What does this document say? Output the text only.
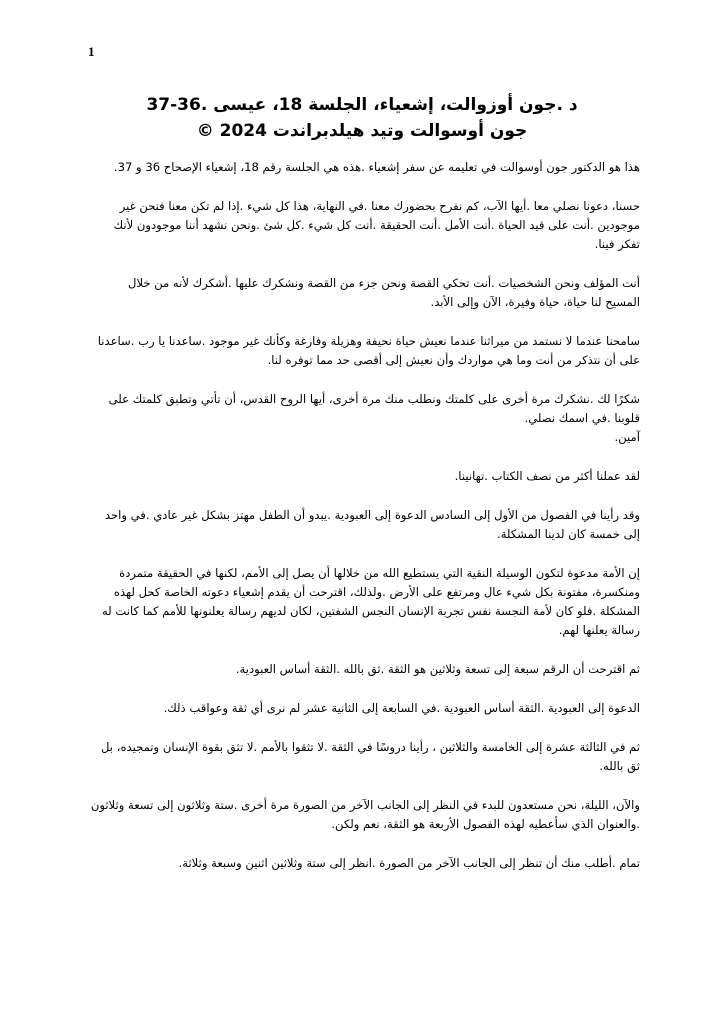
1
د .جون أوزوالت، إشعياء، الجلسة 18، عيسى .36-37
جون أوسوالت وتيد هيلدبراندت 2024 ©

هذا هو الدكتور جون أوسوالت في تعليمه عن سفر إشعياء .هذه هي الجلسة رقم 18، إشعياء الإصحاح 36 و 37.

حسنا، دعونا نصلي معا .أيها الآب، كم نفرح بحضورك معنا .في النهاية، هذا كل شيء .إذا لم تكن معنا فنحن غير موجودين .أنت على قيد الحياة .أنت الأمل .أنت الحقيقة .أنت كل شيء .كل شئ .ونحن نشهد أننا موجودون لأنك تفكر فينا.

أنت المؤلف ونحن الشخصيات .أنت تحكي القصة ونحن جزء من القصة ونشكرك عليها .أشكرك لأنه من خلال المسيح لنا حياة، حياة وفيرة، الآن وإلى الأبد.

سامحنا عندما لا نستمد من ميراثنا عندما نعيش حياة نحيفة وهزيلة وفارغة وكأنك غير موجود .ساعدنا يا رب .ساعدنا على أن نتذكر من أنت وما هي مواردك وأن نعيش إلى أقصى حد مما توفره لنا.

شكرًا لك .نشكرك مرة أخرى على كلمتك ونطلب منك مرة أخرى، أيها الروح القدس، أن تأتي وتطبق كلمتك على قلوبنا .في اسمك نصلي.
آمين.

لقد عملنا أكثر من نصف الكتاب .تهانينا.

وقد رأينا في الفصول من الأول إلى السادس الدعوة إلى العبودية .يبدو أن الطفل مهتز بشكل غير عادي .في واحد إلى خمسة كان لدينا المشكلة.

إن الأمة مدعوة لتكون الوسيلة النقية التي يستطيع الله من خلالها أن يصل إلى الأمم، لكنها في الحقيقة متمردة ومنكسرة، مفتونة بكل شيء عال ومرتفع على الأرض .ولذلك، اقترحت أن يقدم إشعياء دعوته الخاصة كحل لهذه المشكلة .فلو كان لأمة النجسة نفس تجربة الإنسان النجس الشفتين، لكان لديهم رسالة يعلنونها للأمم كما كانت له رسالة يعلنها لهم.

ثم اقترحت أن الرقم سبعة إلى تسعة وثلاثين هو الثقة .ثق بالله .الثقة أساس العبودية.

الدعوة إلى العبودية .الثقة أساس العبودية .في السابعة إلى الثانية عشر لم نرى أي ثقة وعواقب ذلك.

ثم في الثالثة عشرة إلى الخامسة والثلاثين ، رأينا دروسًا في الثقة .لا تثقوا بالأمم .لا تثق بقوة الإنسان وتمجيده، بل ثق بالله.

والآن، الليلة، نحن مستعدون للبدء في النظر إلى الجانب الآخر من الصورة مرة أخرى .ستة وثلاثون إلى تسعة وثلاثون .والعنوان الذي سأعطيه لهذه الفصول الأربعة هو الثقة، نعم ولكن.

تمام .أطلب منك أن تنظر إلى الجانب الآخر من الصورة .انظر إلى ستة وثلاثين اثنين وسبعة وثلاثة.
